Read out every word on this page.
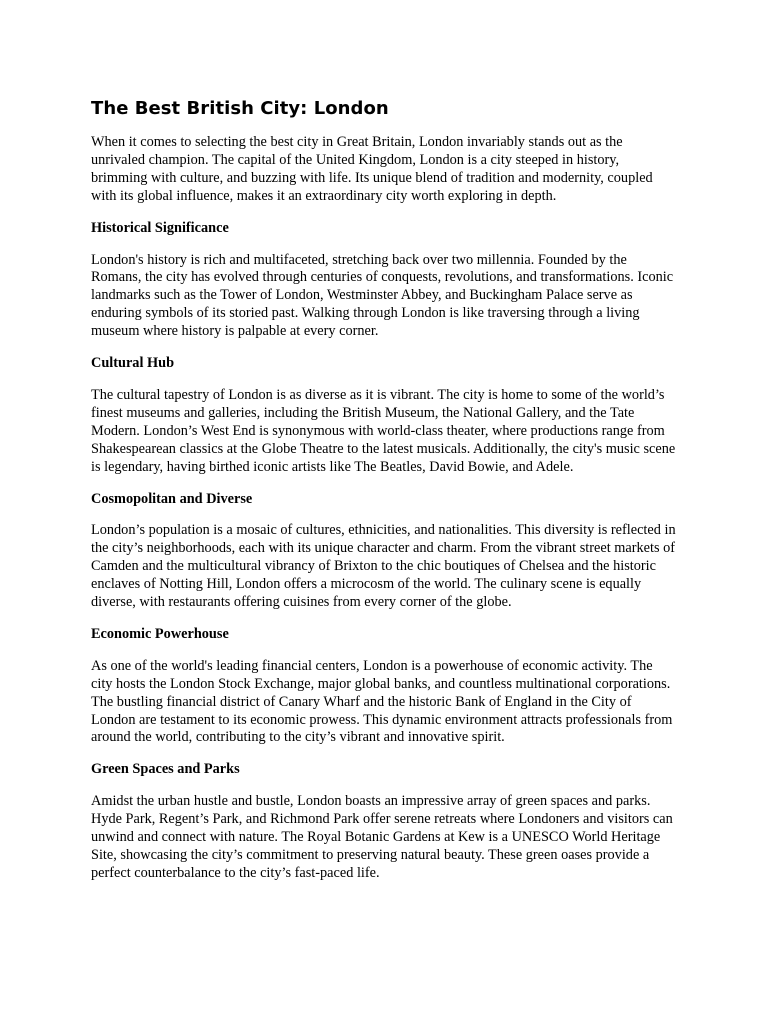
The Best British City: London

When it comes to selecting the best city in Great Britain, London invariably stands out as the unrivaled champion. The capital of the United Kingdom, London is a city steeped in history, brimming with culture, and buzzing with life. Its unique blend of tradition and modernity, coupled with its global influence, makes it an extraordinary city worth exploring in depth.

Historical Significance

London's history is rich and multifaceted, stretching back over two millennia. Founded by the Romans, the city has evolved through centuries of conquests, revolutions, and transformations. Iconic landmarks such as the Tower of London, Westminster Abbey, and Buckingham Palace serve as enduring symbols of its storied past. Walking through London is like traversing through a living museum where history is palpable at every corner.

Cultural Hub

The cultural tapestry of London is as diverse as it is vibrant. The city is home to some of the world’s finest museums and galleries, including the British Museum, the National Gallery, and the Tate Modern. London’s West End is synonymous with world-class theater, where productions range from Shakespearean classics at the Globe Theatre to the latest musicals. Additionally, the city's music scene is legendary, having birthed iconic artists like The Beatles, David Bowie, and Adele.

Cosmopolitan and Diverse

London’s population is a mosaic of cultures, ethnicities, and nationalities. This diversity is reflected in the city’s neighborhoods, each with its unique character and charm. From the vibrant street markets of Camden and the multicultural vibrancy of Brixton to the chic boutiques of Chelsea and the historic enclaves of Notting Hill, London offers a microcosm of the world. The culinary scene is equally diverse, with restaurants offering cuisines from every corner of the globe.

Economic Powerhouse

As one of the world's leading financial centers, London is a powerhouse of economic activity. The city hosts the London Stock Exchange, major global banks, and countless multinational corporations. The bustling financial district of Canary Wharf and the historic Bank of England in the City of London are testament to its economic prowess. This dynamic environment attracts professionals from around the world, contributing to the city’s vibrant and innovative spirit.

Green Spaces and Parks

Amidst the urban hustle and bustle, London boasts an impressive array of green spaces and parks. Hyde Park, Regent’s Park, and Richmond Park offer serene retreats where Londoners and visitors can unwind and connect with nature. The Royal Botanic Gardens at Kew is a UNESCO World Heritage Site, showcasing the city’s commitment to preserving natural beauty. These green oases provide a perfect counterbalance to the city’s fast-paced life.
